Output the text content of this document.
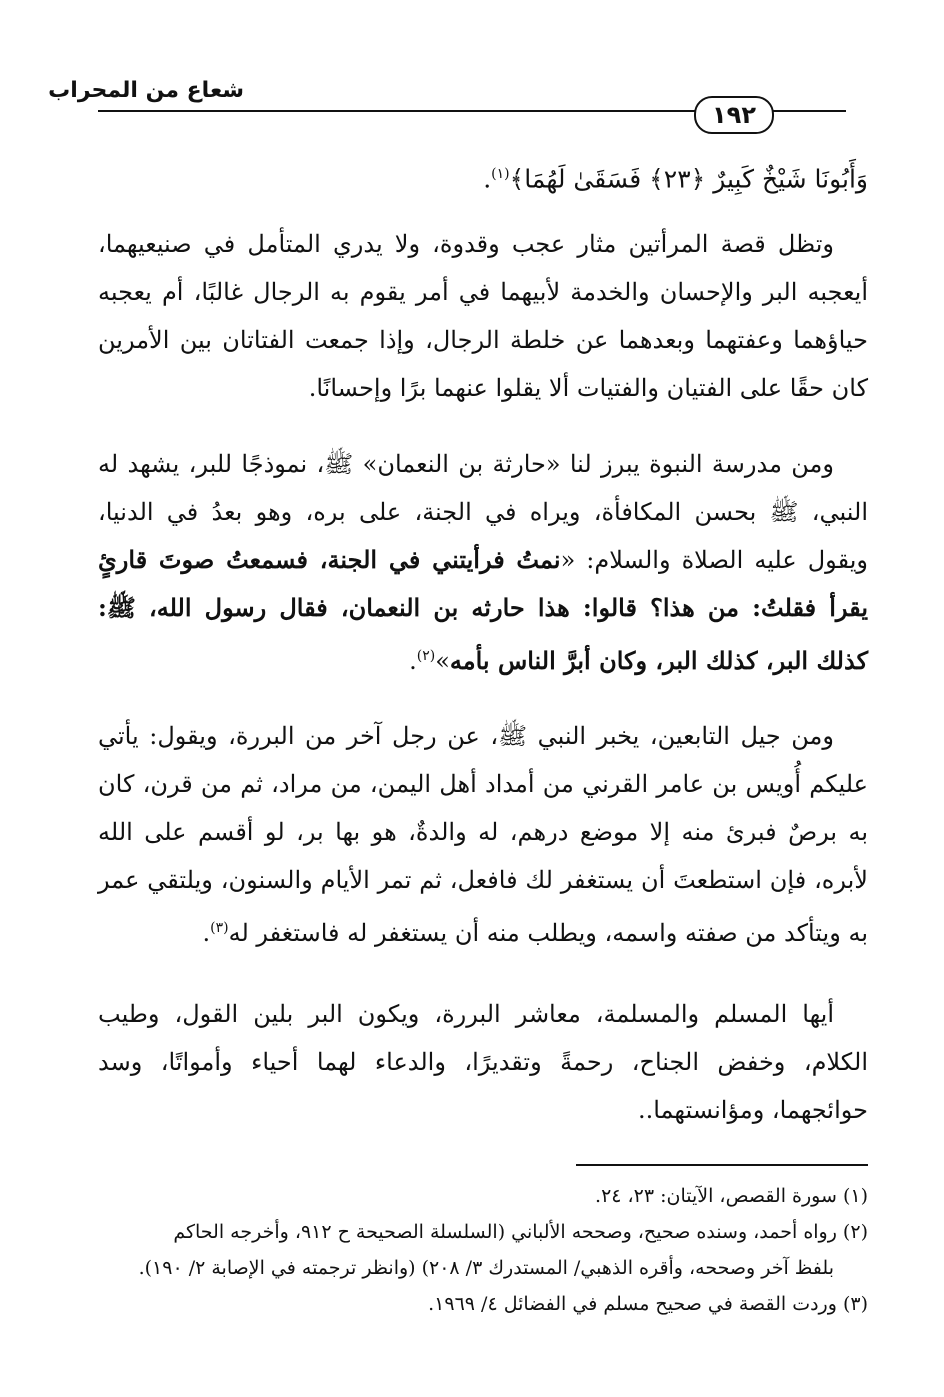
شعاع من المحراب
١٩٢
وَأَبُونَا شَيْخٌ كَبِيرٌ ﴿٢٣﴾ فَسَقَىٰ لَهُمَا﴾$^{(١)}$.

وتظل قصة المرأتين مثار عجب وقدوة، ولا يدري المتأمل في صنيعيهما، أيعجبه البر والإحسان والخدمة لأبيهما في أمر يقوم به الرجال غالبًا، أم يعجبه حياؤهما وعفتهما وبعدهما عن خلطة الرجال، وإذا جمعت الفتاتان بين الأمرين كان حقًا على الفتيان والفتيات ألا يقلوا عنهما برًا وإحسانًا.

ومن مدرسة النبوة يبرز لنا «حارثة بن النعمان» ﷺ، نموذجًا للبر، يشهد له النبي، ﷺ بحسن المكافأة، ويراه في الجنة، على بره، وهو بعدُ في الدنيا، ويقول عليه الصلاة والسلام: «نمتُ فرأيتني في الجنة، فسمعتُ صوتَ قارئٍ يقرأ فقلتُ: من هذا؟ قالوا: هذا حارثه بن النعمان، فقال رسول الله، ﷺ: كذلك البر، كذلك البر، وكان أبرَّ الناس بأمه»$^{(٢)}$.

ومن جيل التابعين، يخبر النبي ﷺ، عن رجل آخر من البررة، ويقول: يأتي عليكم أُويس بن عامر القرني من أمداد أهل اليمن، من مراد، ثم من قرن، كان به برصٌ فبرئ منه إلا موضع درهم، له والدةٌ، هو بها بر، لو أقسم على الله لأبره، فإن استطعتَ أن يستغفر لك فافعل، ثم تمر الأيام والسنون، ويلتقي عمر به ويتأكد من صفته واسمه، ويطلب منه أن يستغفر له فاستغفر له$^{(٣)}$.

أيها المسلم والمسلمة، معاشر البررة، ويكون البر بلين القول، وطيب الكلام، وخفض الجناح، رحمةً وتقديرًا، والدعاء لهما أحياء وأمواتًا، وسد حوائجهما، ومؤانستهما..

(١) سورة القصص، الآيتان: ٢٣، ٢٤.

(٢) رواه أحمد، وسنده صحيح، وصححه الألباني (السلسلة الصحيحة ح ٩١٢، وأخرجه الحاكم

بلفظ آخر وصححه، وأقره الذهبي/ المستدرك ٣/ ٢٠٨) (وانظر ترجمته في الإصابة ٢/ ١٩٠).

(٣) وردت القصة في صحيح مسلم في الفضائل ٤/ ١٩٦٩.
